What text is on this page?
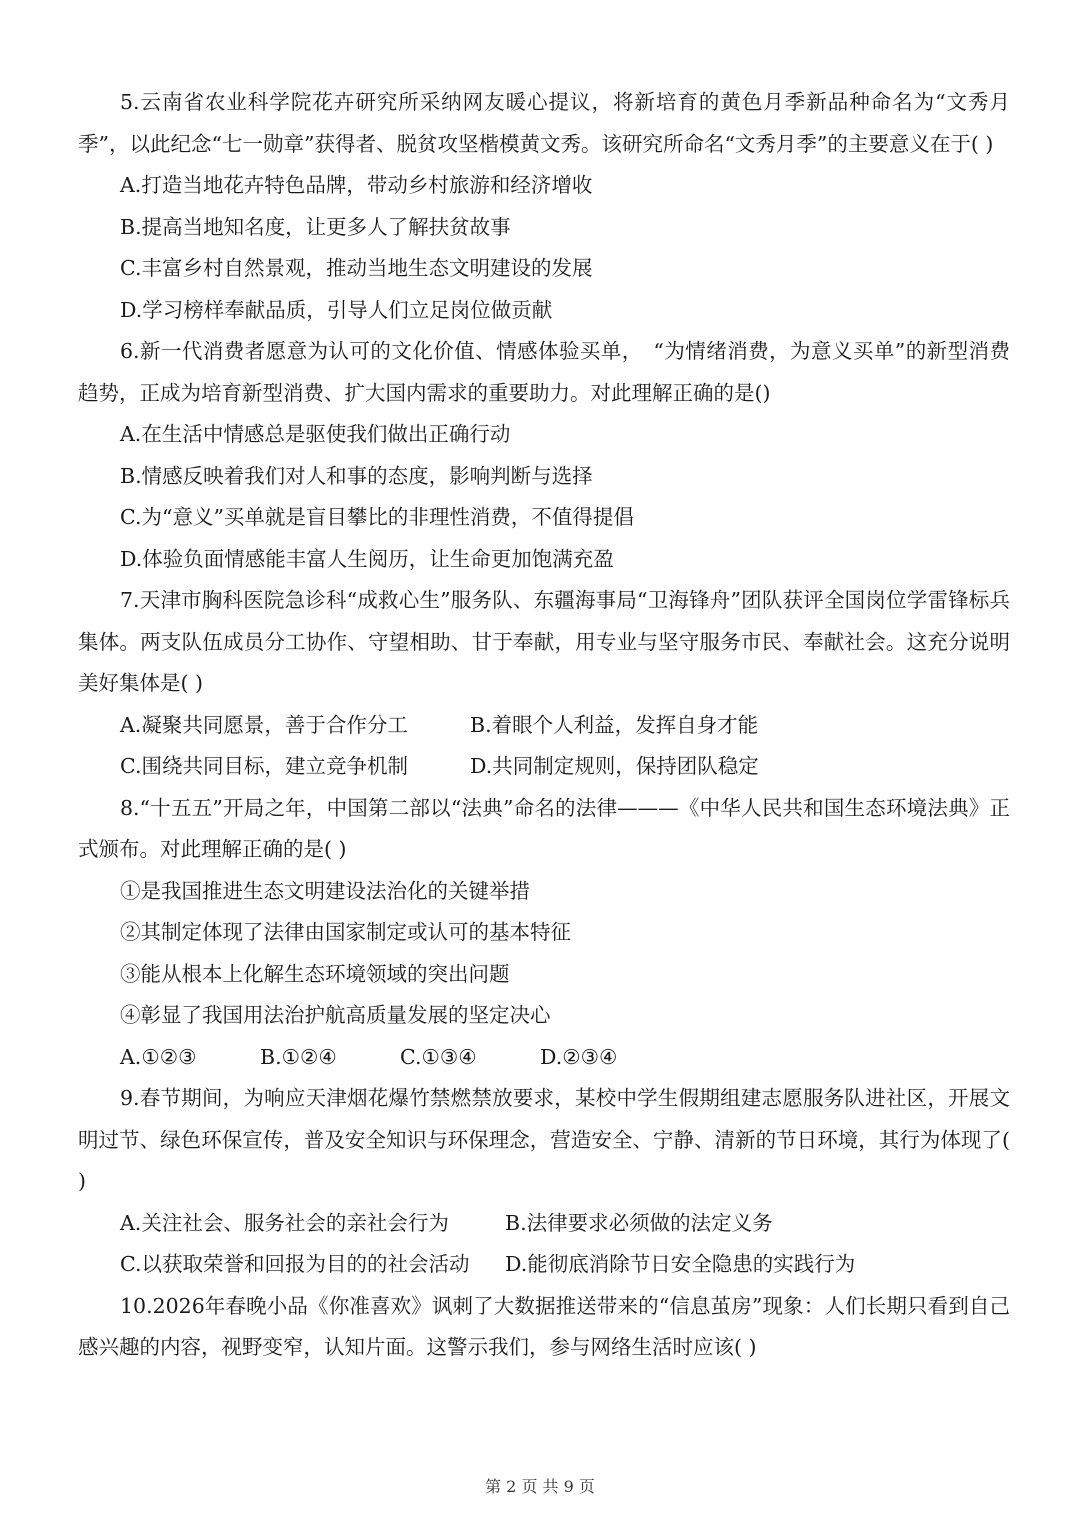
5.云南省农业科学院花卉研究所采纳网友暖心提议，将新培育的黄色月季新品种命名为“文秀月季”，以此纪念“七一勋章”获得者、脱贫攻坚楷模黄文秀。该研究所命名“文秀月季”的主要意义在于( )

A.打造当地花卉特色品牌，带动乡村旅游和经济增收

B.提高当地知名度，让更多人了解扶贫故事

C.丰富乡村自然景观，推动当地生态文明建设的发展

D.学习榜样奉献品质，引导人们立足岗位做贡献

6.新一代消费者愿意为认可的文化价值、情感体验买单，　“为情绪消费，为意义买单”的新型消费趋势，正成为培育新型消费、扩大国内需求的重要助力。对此理解正确的是()

A.在生活中情感总是驱使我们做出正确行动

B.情感反映着我们对人和事的态度，影响判断与选择

C.为“意义”买单就是盲目攀比的非理性消费，不值得提倡

D.体验负面情感能丰富人生阅历，让生命更加饱满充盈

7.天津市胸科医院急诊科“成救心生”服务队、东疆海事局“卫海锋舟”团队获评全国岗位学雷锋标兵集体。两支队伍成员分工协作、守望相助、甘于奉献，用专业与坚守服务市民、奉献社会。这充分说明美好集体是( )

A.凝聚共同愿景，善于合作分工	B.着眼个人利益，发挥自身才能
C.围绕共同目标，建立竞争机制	D.共同制定规则，保持团队稳定

8.“十五五”开局之年，中国第二部以“法典”命名的法律———《中华人民共和国生态环境法典》正式颁布。对此理解正确的是( )

①是我国推进生态文明建设法治化的关键举措

②其制定体现了法律由国家制定或认可的基本特征

③能从根本上化解生态环境领域的突出问题

④彰显了我国用法治护航高质量发展的坚定决心

A.①②③	B.①②④	C.①③④	D.②③④

9.春节期间，为响应天津烟花爆竹禁燃禁放要求，某校中学生假期组建志愿服务队进社区，开展文明过节、绿色环保宣传，普及安全知识与环保理念，营造安全、宁静、清新的节日环境，其行为体现了( )

A.关注社会、服务社会的亲社会行为	B.法律要求必须做的法定义务
C.以获取荣誉和回报为目的的社会活动	D.能彻底消除节日安全隐患的实践行为

10.2026年春晚小品《你准喜欢》讽刺了大数据推送带来的“信息茧房”现象：人们长期只看到自己感兴趣的内容，视野变窄，认知片面。这警示我们，参与网络生活时应该( )

第 2 页 共 9 页
